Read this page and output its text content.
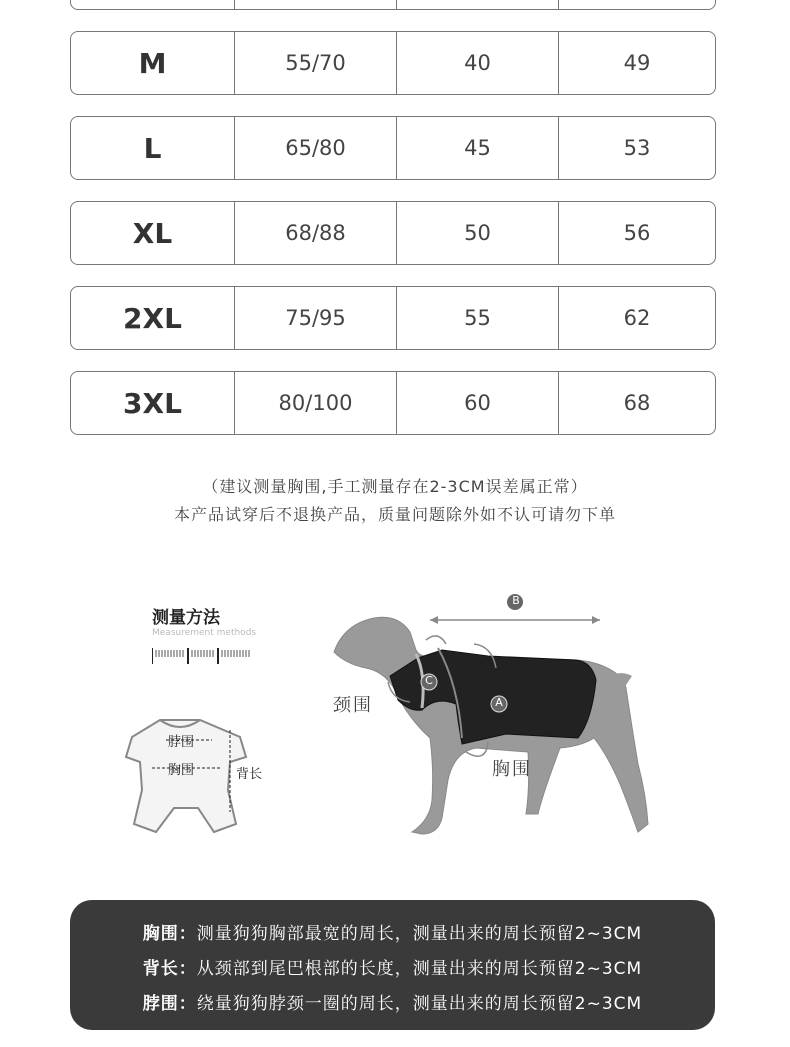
M	55/70	40	49
L	65/80	45	53
XL	68/88	50	56
2XL	75/95	55	62
3XL	80/100	60	68
（建议测量胸围,手工测量存在2-3CM误差属正常）
本产品试穿后不退换产品，质量问题除外如不认可请勿下单
测量方法
Measurement methods
脖围
胸围	背长
B
C
A
颈围
胸围
胸围：测量狗狗胸部最宽的周长，测量出来的周长预留2~3CM
背长：从颈部到尾巴根部的长度，测量出来的周长预留2~3CM
脖围：绕量狗狗脖颈一圈的周长，测量出来的周长预留2~3CM
